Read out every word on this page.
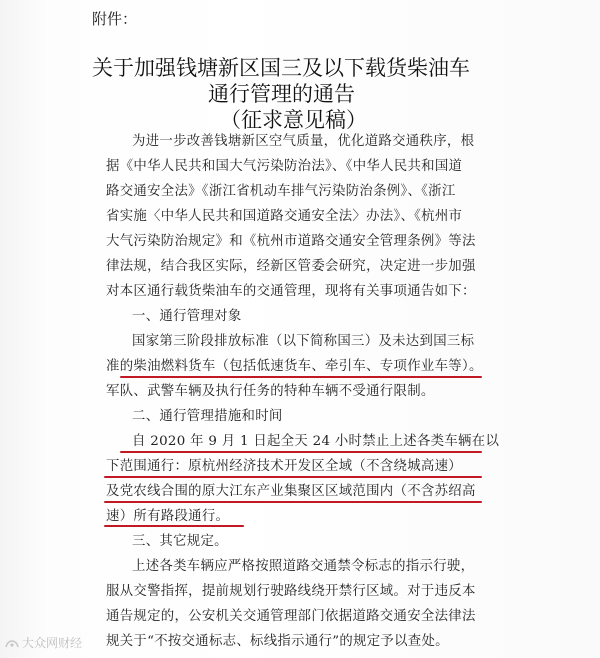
附件：
关于加强钱塘新区国三及以下载货柴油车
通行管理的通告
（征求意见稿）
为进一步改善钱塘新区空气质量，优化道路交通秩序，根
据《中华人民共和国大气污染防治法》、《中华人民共和国道
路交通安全法》《浙江省机动车排气污染防治条例》、《浙江
省实施〈中华人民共和国道路交通安全法〉办法》、《杭州市
大气污染防治规定》和《杭州市道路交通安全管理条例》等法
律法规，结合我区实际，经新区管委会研究，决定进一步加强
对本区通行载货柴油车的交通管理，现将有关事项通告如下：
一、通行管理对象
国家第三阶段排放标准（以下简称国三）及未达到国三标
准的柴油燃料货车（包括低速货车、牵引车、专项作业车等）。
军队、武警车辆及执行任务的特种车辆不受通行限制。
二、通行管理措施和时间
自 2020 年 9 月 1 日起全天 24 小时禁止上述各类车辆在以
下范围通行：原杭州经济技术开发区全域（不含绕城高速）
及党农线合围的原大江东产业集聚区区域范围内（不含苏绍高
速）所有路段通行。
三、其它规定。
上述各类车辆应严格按照道路交通禁令标志的指示行驶，
服从交警指挥，提前规划行驶路线绕开禁行区域。对于违反本
通告规定的，公安机关交通管理部门依据道路交通安全法律法
规关于“不按交通标志、标线指示通行”的规定予以查处。
大众网财经
